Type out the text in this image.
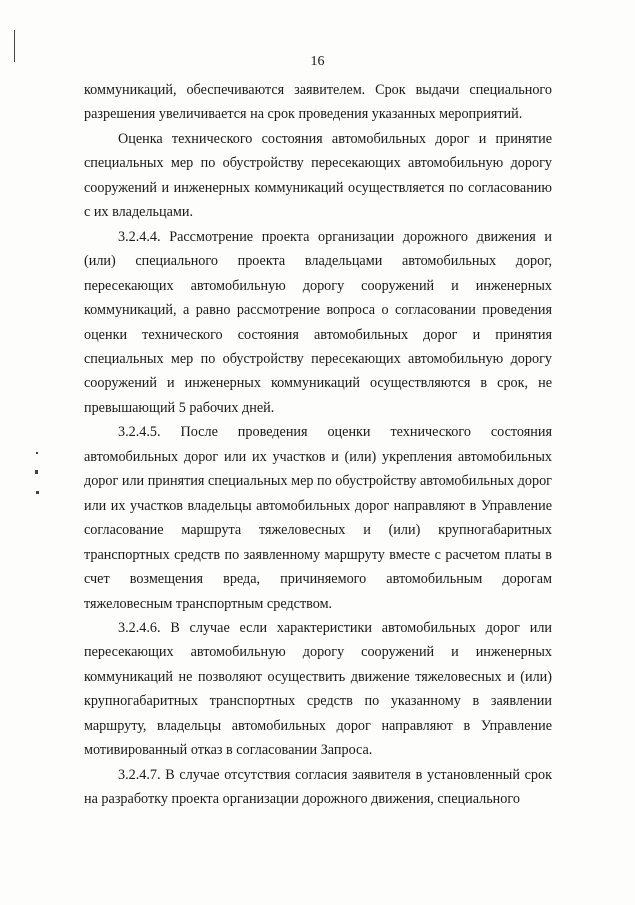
16

коммуникаций, обеспечиваются заявителем. Срок выдачи специального разрешения увеличивается на срок проведения указанных мероприятий.

Оценка технического состояния автомобильных дорог и принятие специальных мер по обустройству пересекающих автомобильную дорогу сооружений и инженерных коммуникаций осуществляется по согласованию с их владельцами.

3.2.4.4. Рассмотрение проекта организации дорожного движения и (или) специального проекта владельцами автомобильных дорог, пересекающих автомобильную дорогу сооружений и инженерных коммуникаций, а равно рассмотрение вопроса о согласовании проведения оценки технического состояния автомобильных дорог и принятия специальных мер по обустройству пересекающих автомобильную дорогу сооружений и инженерных коммуникаций осуществляются в срок, не превышающий 5 рабочих дней.

3.2.4.5. После проведения оценки технического состояния автомобильных дорог или их участков и (или) укрепления автомобильных дорог или принятия специальных мер по обустройству автомобильных дорог или их участков владельцы автомобильных дорог направляют в Управление согласование маршрута тяжеловесных и (или) крупногабаритных транспортных средств по заявленному маршруту вместе с расчетом платы в счет возмещения вреда, причиняемого автомобильным дорогам тяжеловесным транспортным средством.

3.2.4.6. В случае если характеристики автомобильных дорог или пересекающих автомобильную дорогу сооружений и инженерных коммуникаций не позволяют осуществить движение тяжеловесных и (или) крупногабаритных транспортных средств по указанному в заявлении маршруту, владельцы автомобильных дорог направляют в Управление мотивированный отказ в согласовании Запроса.

3.2.4.7. В случае отсутствия согласия заявителя в установленный срок на разработку проекта организации дорожного движения, специального
